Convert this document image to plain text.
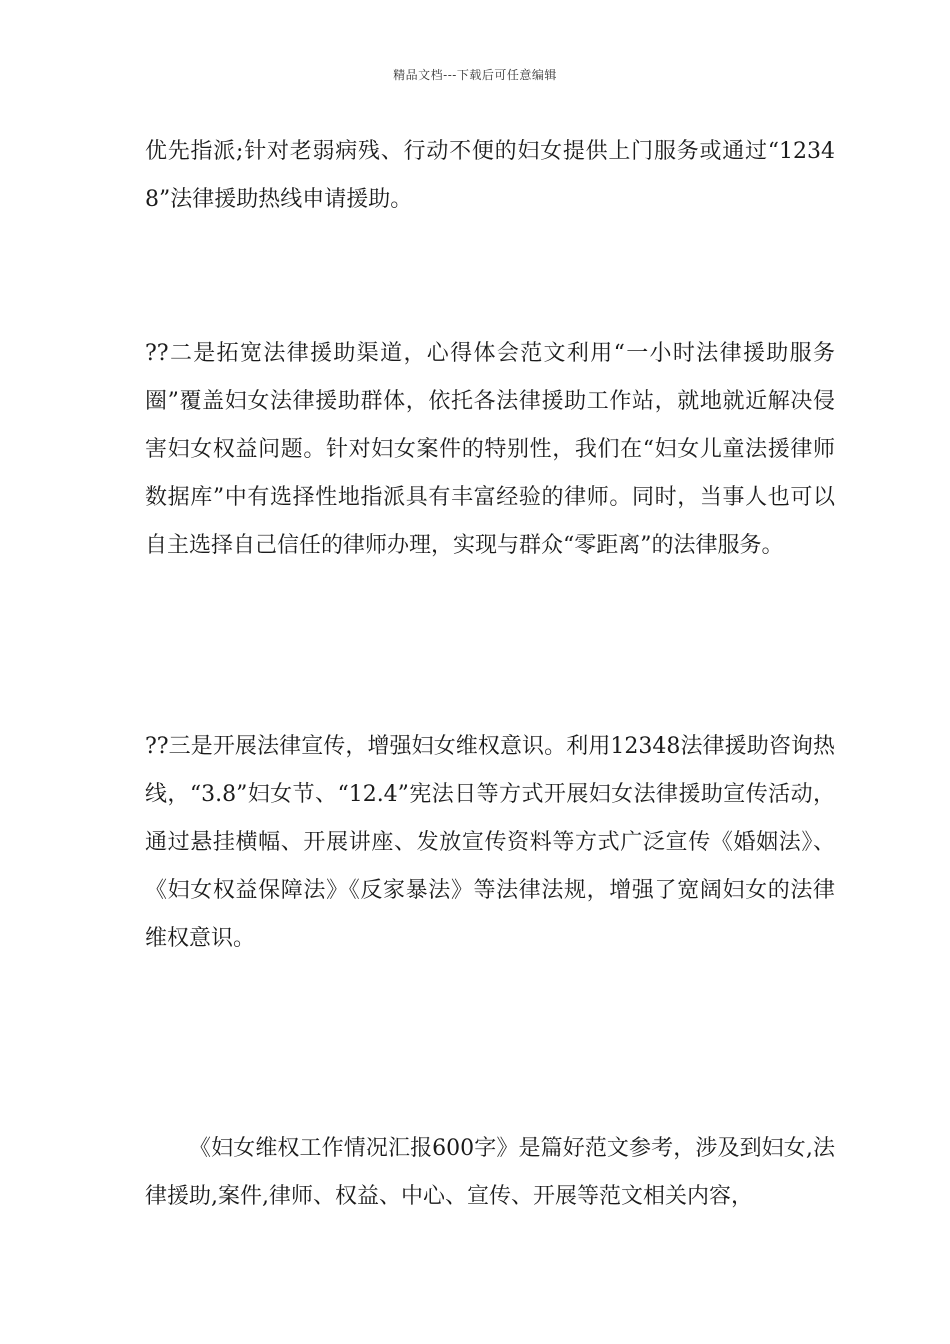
精品文档---下载后可任意编辑

优先指派;针对老弱病残、行动不便的妇女提供上门服务或通过“12348”法律援助热线申请援助。

??二是拓宽法律援助渠道，心得体会范文利用“一小时法律援助服务圈”覆盖妇女法律援助群体，依托各法律援助工作站，就地就近解决侵害妇女权益问题。针对妇女案件的特别性，我们在“妇女儿童法援律师数据库”中有选择性地指派具有丰富经验的律师。同时，当事人也可以自主选择自己信任的律师办理，实现与群众“零距离”的法律服务。

??三是开展法律宣传，增强妇女维权意识。利用12348法律援助咨询热线，“3.8”妇女节、“12.4”宪法日等方式开展妇女法律援助宣传活动，通过悬挂横幅、开展讲座、发放宣传资料等方式广泛宣传《婚姻法》、《妇女权益保障法》《反家暴法》等法律法规，增强了宽阔妇女的法律维权意识。

《妇女维权工作情况汇报600字》是篇好范文参考，涉及到妇女,法律援助,案件,律师、权益、中心、宣传、开展等范文相关内容，
